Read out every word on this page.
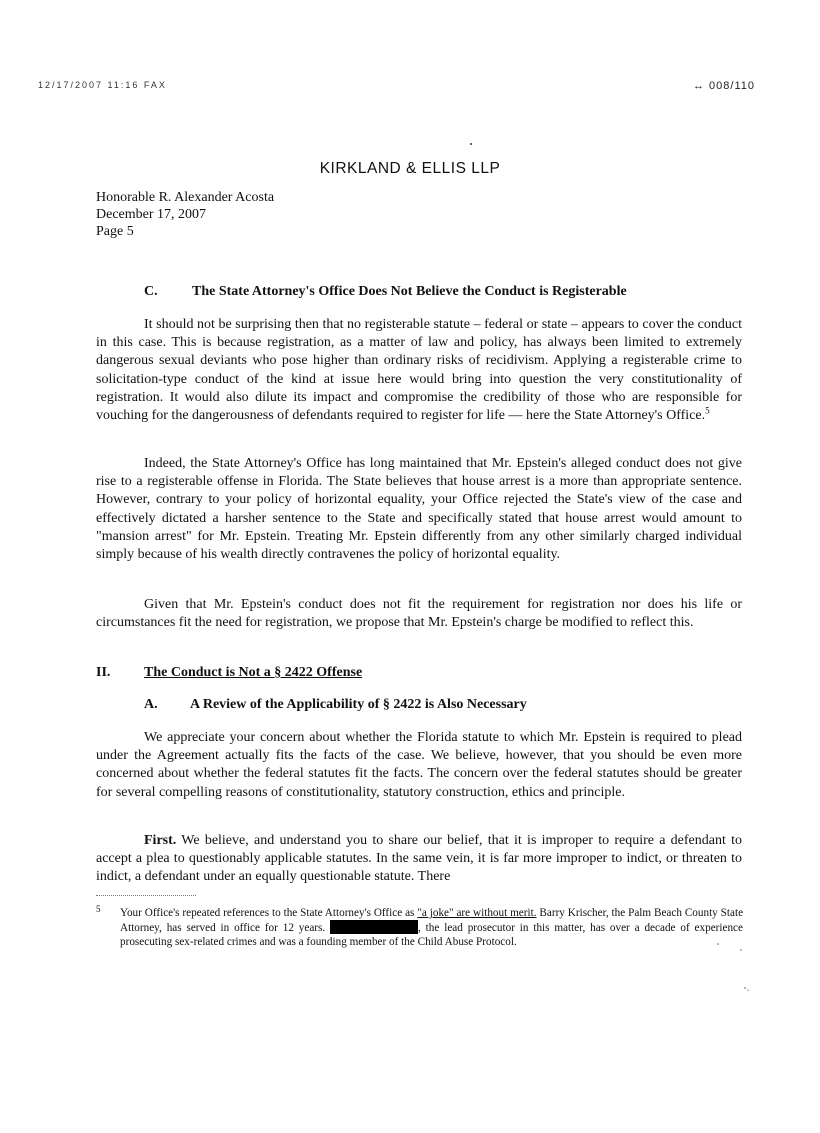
12/17/2007 11:16 FAX	↔ 008/110
KIRKLAND & ELLIS LLP
Honorable R. Alexander Acosta
December 17, 2007
Page 5
C. The State Attorney's Office Does Not Believe the Conduct is Registerable
It should not be surprising then that no registerable statute – federal or state – appears to cover the conduct in this case. This is because registration, as a matter of law and policy, has always been limited to extremely dangerous sexual deviants who pose higher than ordinary risks of recidivism. Applying a registerable crime to solicitation-type conduct of the kind at issue here would bring into question the very constitutionality of registration. It would also dilute its impact and compromise the credibility of those who are responsible for vouching for the dangerousness of defendants required to register for life — here the State Attorney's Office.$^5$
Indeed, the State Attorney's Office has long maintained that Mr. Epstein's alleged conduct does not give rise to a registerable offense in Florida. The State believes that house arrest is a more than appropriate sentence. However, contrary to your policy of horizontal equality, your Office rejected the State's view of the case and effectively dictated a harsher sentence to the State and specifically stated that house arrest would amount to "mansion arrest" for Mr. Epstein. Treating Mr. Epstein differently from any other similarly charged individual simply because of his wealth directly contravenes the policy of horizontal equality.
Given that Mr. Epstein's conduct does not fit the requirement for registration nor does his life or circumstances fit the need for registration, we propose that Mr. Epstein's charge be modified to reflect this.
II. The Conduct is Not a § 2422 Offense
A. A Review of the Applicability of § 2422 is Also Necessary
We appreciate your concern about whether the Florida statute to which Mr. Epstein is required to plead under the Agreement actually fits the facts of the case. We believe, however, that you should be even more concerned about whether the federal statutes fit the facts. The concern over the federal statutes should be greater for several compelling reasons of constitutionality, statutory construction, ethics and principle.
First. We believe, and understand you to share our belief, that it is improper to require a defendant to accept a plea to questionably applicable statutes. In the same vein, it is far more improper to indict, or threaten to indict, a defendant under an equally questionable statute. There
5 Your Office's repeated references to the State Attorney's Office as "a joke" are without merit. Barry Krischer, the Palm Beach County State Attorney, has served in office for 12 years.	, the lead prosecutor in this matter, has over a decade of experience prosecuting sex-related crimes and was a founding member of the Child Abuse Protocol.
